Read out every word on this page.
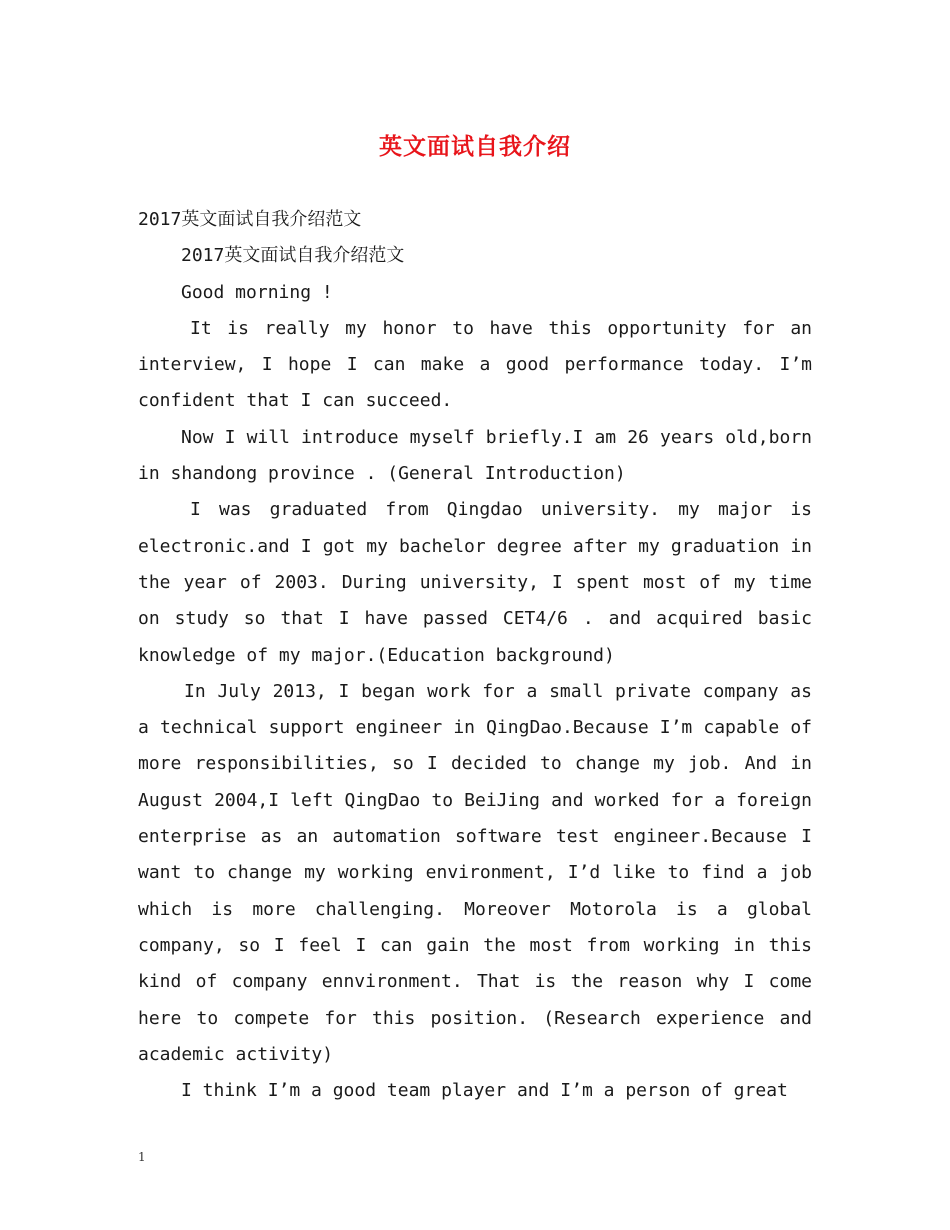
英文面试自我介绍

2017英文面试自我介绍范文

2017英文面试自我介绍范文

Good morning !

It is really my honor to have this opportunity for an interview, I hope I can make a good performance today. I’m confident that I can succeed.

Now I will introduce myself briefly.I am 26 years old,born in shandong province . (General Introduction)

I was graduated from Qingdao university. my major is electronic.and I got my bachelor degree after my graduation in the year of 2003. During university, I spent most of my time on study so that I have passed CET4/6 . and acquired basic knowledge of my major.(Education background)

In July 2013, I began work for a small private company as a technical support engineer in QingDao.Because I’m capable of more responsibilities, so I decided to change my job. And in August 2004,I left QingDao to BeiJing and worked for a foreign enterprise as an automation software test engineer.Because I want to change my working environment, I’d like to find a job which is more challenging. Moreover Motorola is a global company, so I feel I can gain the most from working in this kind of company ennvironment. That is the reason why I come here to compete for this position. (Research experience and academic activity)

I think I’m a good team player and I’m a person of great

1
